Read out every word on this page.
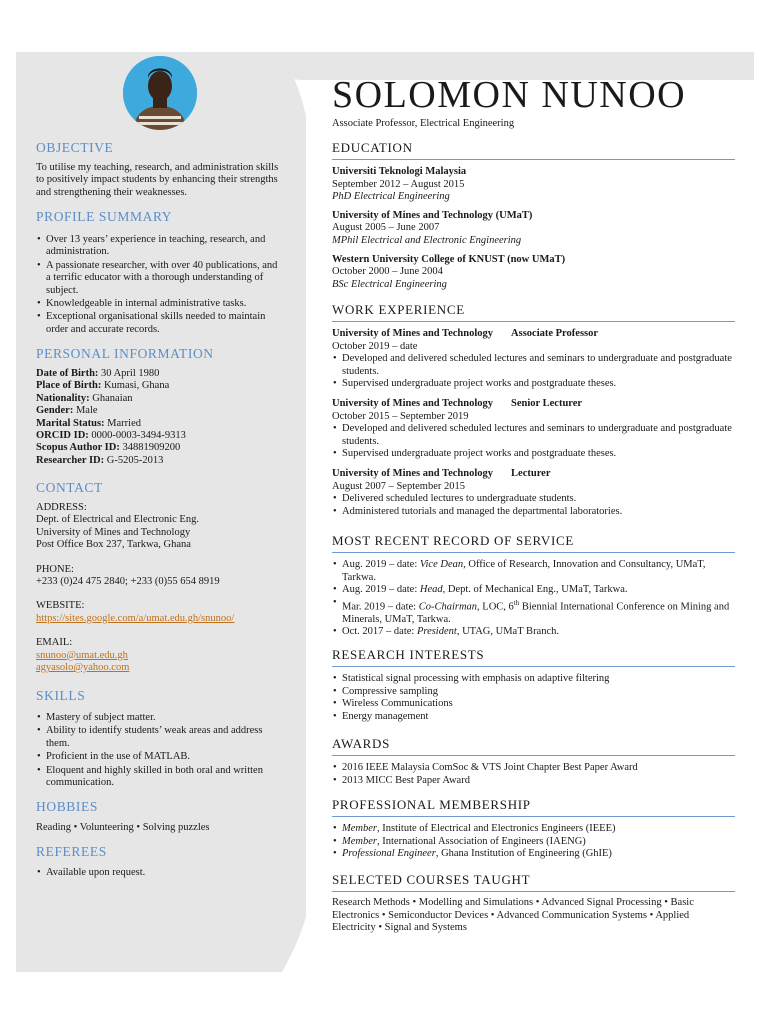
OBJECTIVE
To utilise my teaching, research, and administration skills to positively impact students by enhancing their strengths and strengthening their weaknesses.
PROFILE SUMMARY
• Over 13 years’ experience in teaching, research, and administration.
• A passionate researcher, with over 40 publications, and a terrific educator with a thorough understanding of subject.
• Knowledgeable in internal administrative tasks.
• Exceptional organisational skills needed to maintain order and accurate records.
PERSONAL INFORMATION
Date of Birth: 30 April 1980
Place of Birth: Kumasi, Ghana
Nationality: Ghanaian
Gender: Male
Marital Status: Married
ORCID ID: 0000-0003-3494-9313
Scopus Author ID: 34881909200
Researcher ID: G-5205-2013
CONTACT
ADDRESS:
Dept. of Electrical and Electronic Eng.
University of Mines and Technology
Post Office Box 237, Tarkwa, Ghana
PHONE:
+233 (0)24 475 2840; +233 (0)55 654 8919
WEBSITE:
https://sites.google.com/a/umat.edu.gh/snunoo/
EMAIL:
snunoo@umat.edu.gh
agyasolo@yahoo.com
SKILLS
• Mastery of subject matter.
• Ability to identify students’ weak areas and address them.
• Proficient in the use of MATLAB.
• Eloquent and highly skilled in both oral and written communication.
HOBBIES
Reading • Volunteering • Solving puzzles
REFEREES
• Available upon request.
SOLOMON NUNOO
Associate Professor, Electrical Engineering
EDUCATION
Universiti Teknologi Malaysia
September 2012 – August 2015
PhD Electrical Engineering
University of Mines and Technology (UMaT)
August 2005 – June 2007
MPhil Electrical and Electronic Engineering
Western University College of KNUST (now UMaT)
October 2000 – June 2004
BSc Electrical Engineering
WORK EXPERIENCE
University of Mines and Technology Associate Professor
October 2019 – date
• Developed and delivered scheduled lectures and seminars to undergraduate and postgraduate students.
• Supervised undergraduate project works and postgraduate theses.
University of Mines and Technology Senior Lecturer
October 2015 – September 2019
• Developed and delivered scheduled lectures and seminars to undergraduate and postgraduate students.
• Supervised undergraduate project works and postgraduate theses.
University of Mines and Technology Lecturer
August 2007 – September 2015
• Delivered scheduled lectures to undergraduate students.
• Administered tutorials and managed the departmental laboratories.
MOST RECENT RECORD OF SERVICE
• Aug. 2019 – date: Vice Dean, Office of Research, Innovation and Consultancy, UMaT, Tarkwa.
• Aug. 2019 – date: Head, Dept. of Mechanical Eng., UMaT, Tarkwa.
• Mar. 2019 – date: Co-Chairman, LOC, 6th Biennial International Conference on Mining and Minerals, UMaT, Tarkwa.
• Oct. 2017 – date: President, UTAG, UMaT Branch.
RESEARCH INTERESTS
• Statistical signal processing with emphasis on adaptive filtering
• Compressive sampling
• Wireless Communications
• Energy management
AWARDS
• 2016 IEEE Malaysia ComSoc & VTS Joint Chapter Best Paper Award
• 2013 MICC Best Paper Award
PROFESSIONAL MEMBERSHIP
• Member, Institute of Electrical and Electronics Engineers (IEEE)
• Member, International Association of Engineers (IAENG)
• Professional Engineer, Ghana Institution of Engineering (GhIE)
SELECTED COURSES TAUGHT
Research Methods • Modelling and Simulations • Advanced Signal Processing • Basic Electronics • Semiconductor Devices • Advanced Communication Systems • Applied Electricity • Signal and Systems
